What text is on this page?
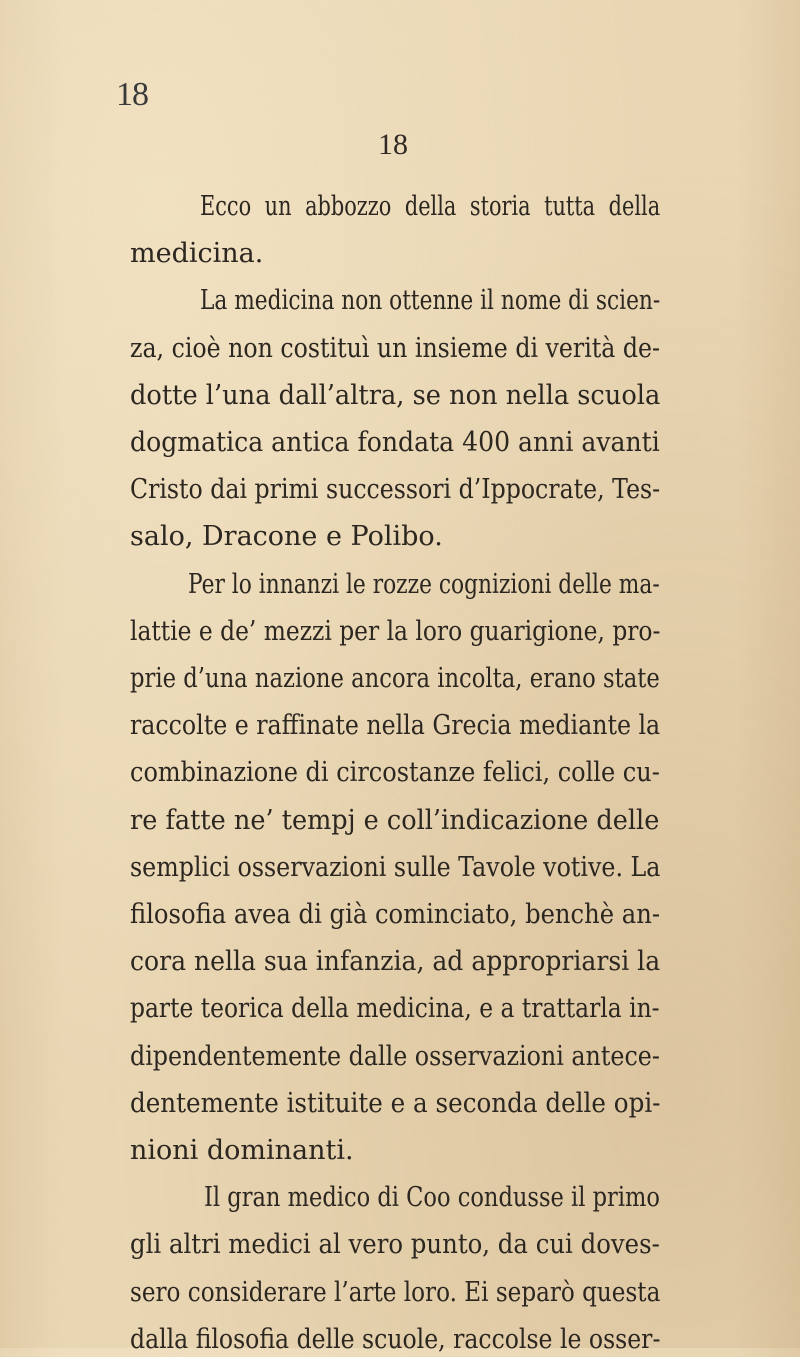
18
18
Ecco un abbozzo della storia tutta della
medicina.
La medicina non ottenne il nome di scien-
za, cioè non costituì un insieme di verità de-
dotte l’una dall’altra, se non nella scuola
dogmatica antica fondata 400 anni avanti
Cristo dai primi successori d’Ippocrate, Tes-
salo, Dracone e Polibo.
Per lo innanzi le rozze cognizioni delle ma-
lattie e de’ mezzi per la loro guarigione, pro-
prie d’una nazione ancora incolta, erano state
raccolte e raffinate nella Grecia mediante la
combinazione di circostanze felici, colle cu-
re fatte ne’ tempj e coll’indicazione delle
semplici osservazioni sulle Tavole votive. La
filosofia avea di già cominciato, benchè an-
cora nella sua infanzia, ad appropriarsi la
parte teorica della medicina, e a trattarla in-
dipendentemente dalle osservazioni antece-
dentemente istituite e a seconda delle opi-
nioni dominanti.
Il gran medico di Coo condusse il primo
gli altri medici al vero punto, da cui doves-
sero considerare l’arte loro. Ei separò questa
dalla filosofia delle scuole, raccolse le osser-
